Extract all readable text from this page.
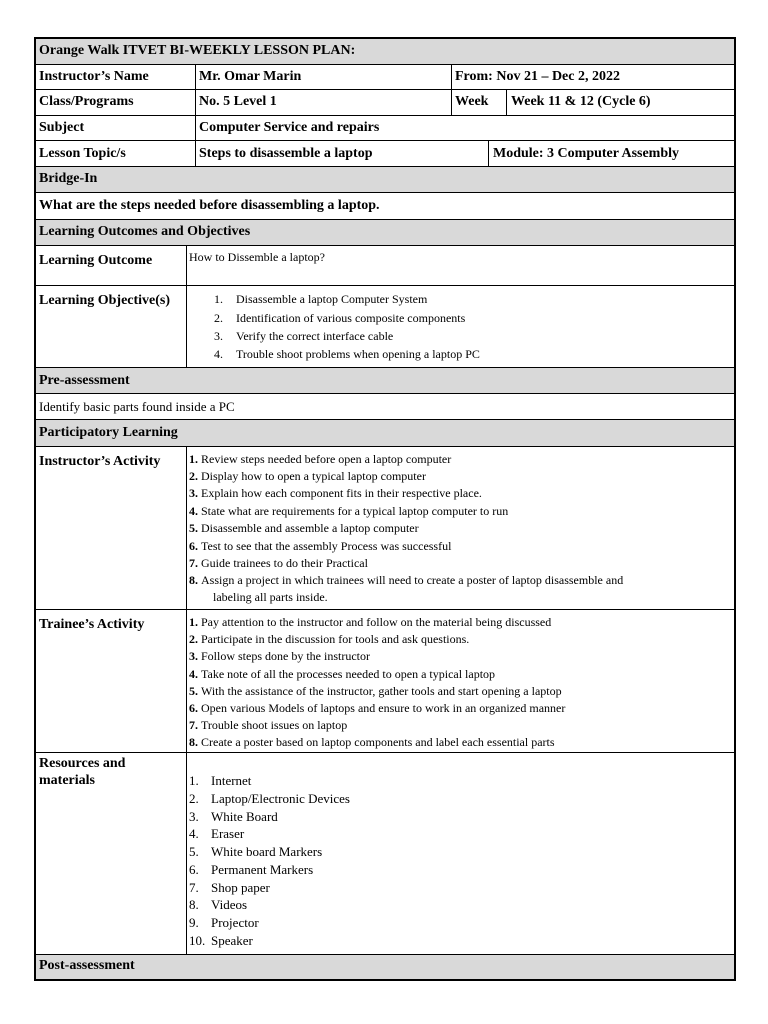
Orange Walk ITVET BI-WEEKLY LESSON PLAN:
Instructor’s Name	Mr. Omar Marin	From: Nov 21 – Dec 2, 2022
Class/Programs	No. 5 Level 1	Week Week 11 & 12 (Cycle 6)
Subject	Computer Service and repairs
Lesson Topic/s	Steps to disassemble a laptop	Module: 3 Computer Assembly
Bridge-In
What are the steps needed before disassembling a laptop.
Learning Outcomes and Objectives
Learning Outcome	How to Dissemble a laptop?
Learning Objective(s)	1. Disassemble a laptop Computer System
2. Identification of various composite components
3. Verify the correct interface cable
4. Trouble shoot problems when opening a laptop PC
Pre-assessment
Identify basic parts found inside a PC
Participatory Learning
Instructor’s Activity 1. Review steps needed before open a laptop computer
2. Display how to open a typical laptop computer
3. Explain how each component fits in their respective place.
4. State what are requirements for a typical laptop computer to run
5. Disassemble and assemble a laptop computer
6. Test to see that the assembly Process was successful
7. Guide trainees to do their Practical
8. Assign a project in which trainees will need to create a poster of laptop disassemble and
labeling all parts inside.
Trainee’s Activity	1. Pay attention to the instructor and follow on the material being discussed
2. Participate in the discussion for tools and ask questions.
3. Follow steps done by the instructor
4. Take note of all the processes needed to open a typical laptop
5. With the assistance of the instructor, gather tools and start opening a laptop
6. Open various Models of laptops and ensure to work in an organized manner
7. Trouble shoot issues on laptop
8. Create a poster based on laptop components and label each essential parts
Resources and
materials	1. Internet
2. Laptop/Electronic Devices
3. White Board
4. Eraser
5. White board Markers
6. Permanent Markers
7. Shop paper
8. Videos
9. Projector
10. Speaker
Post-assessment
